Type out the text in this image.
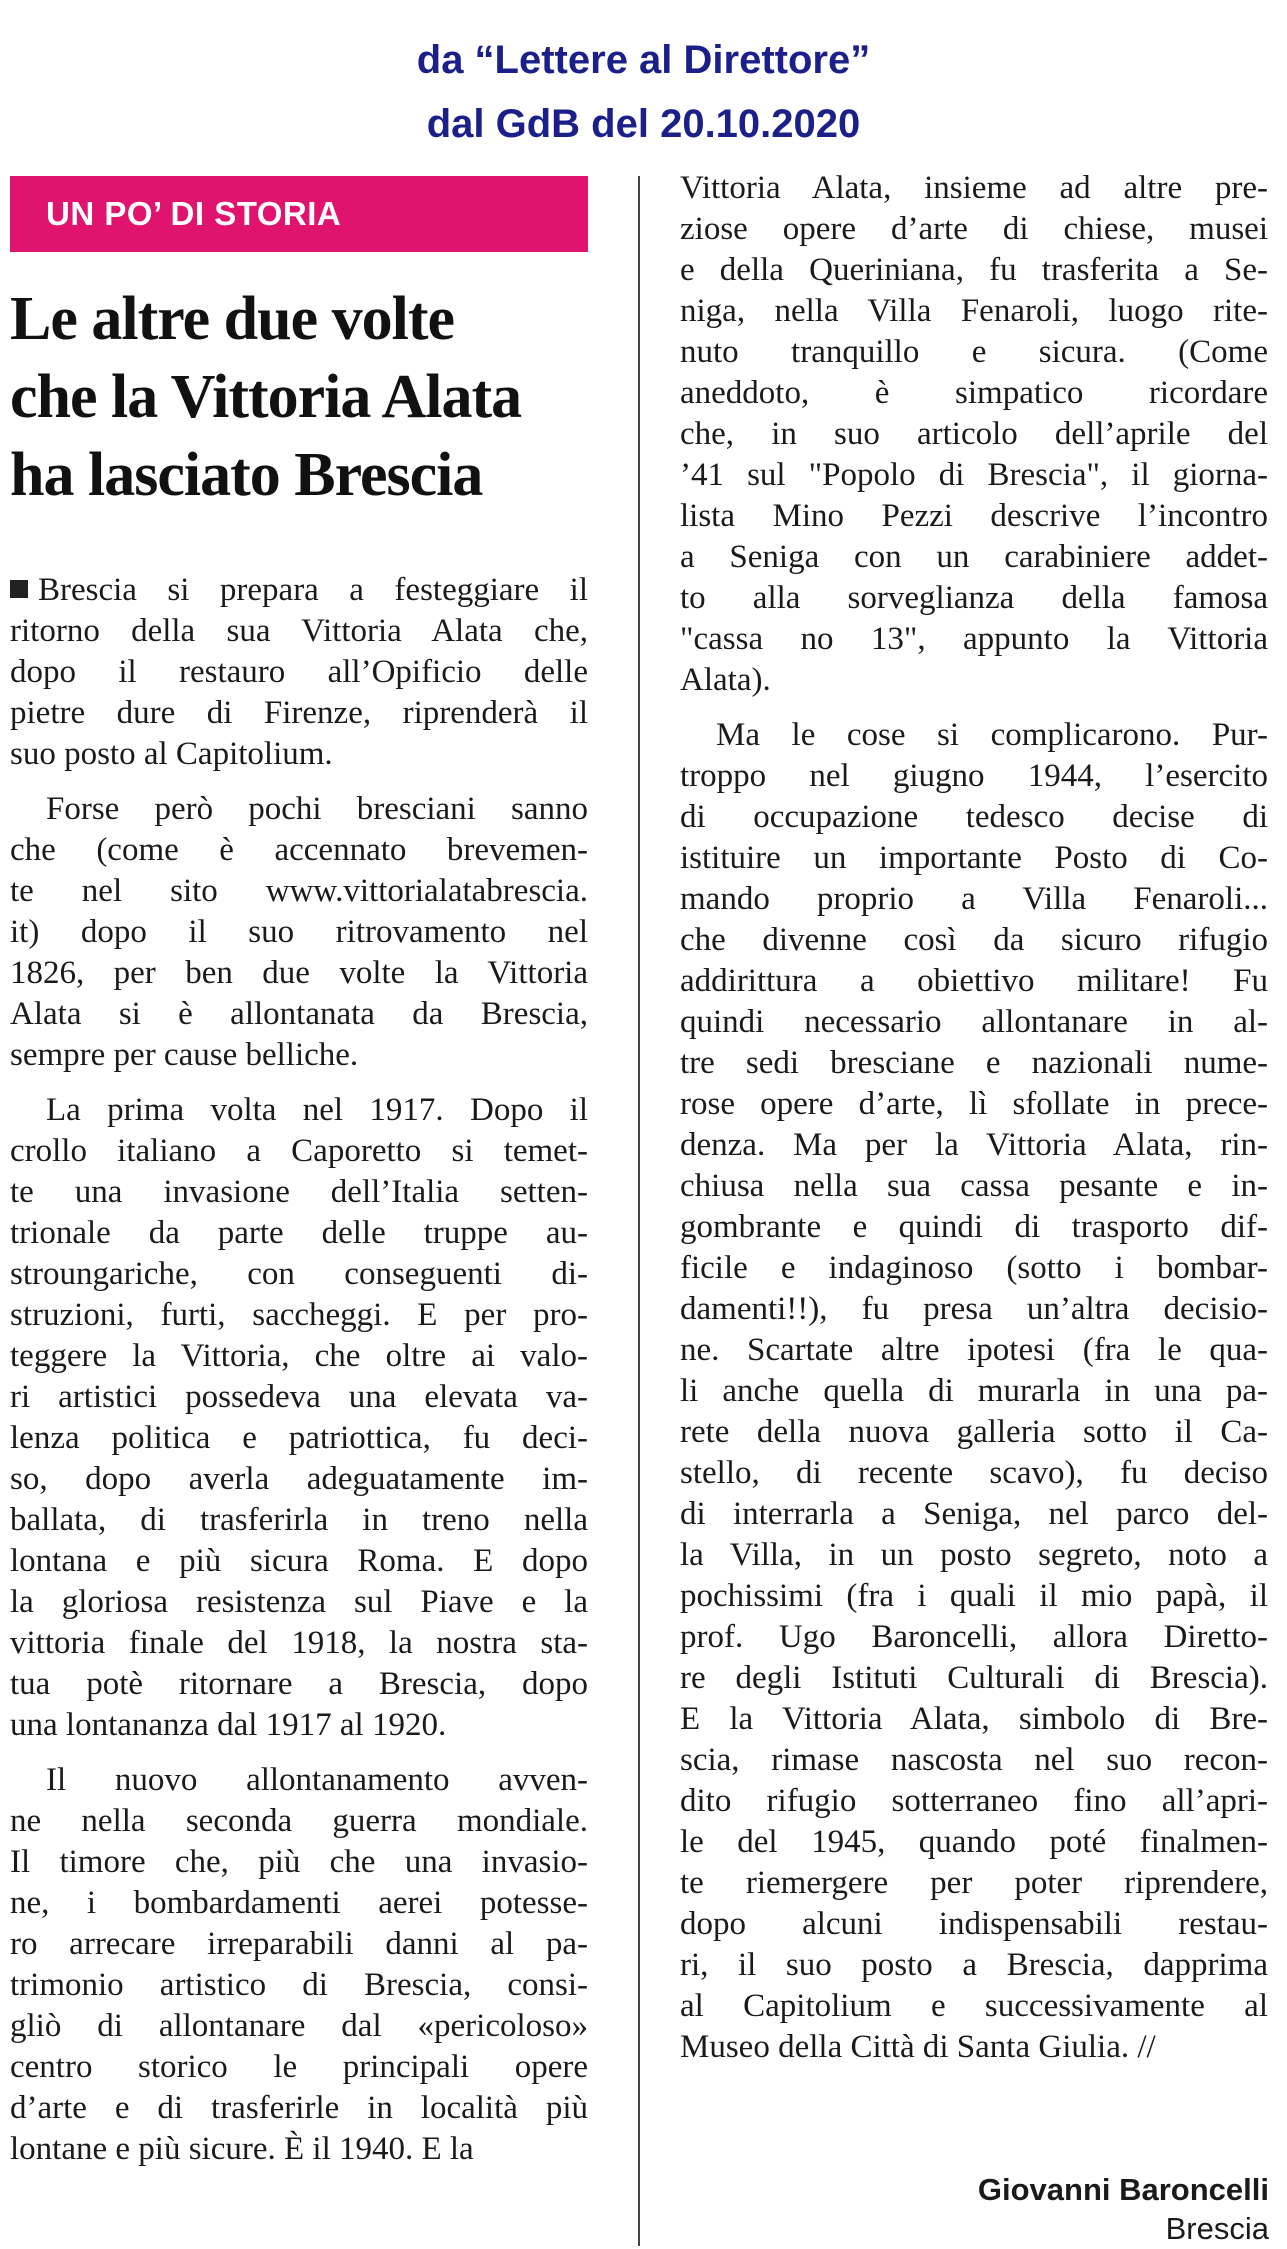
da “Lettere al Direttore”
dal GdB del 20.10.2020
UN PO’ DI STORIA
Le altre due volte
che la Vittoria Alata
ha lasciato Brescia
Brescia si prepara a festeggiare il
ritorno della sua Vittoria Alata che,
dopo il restauro all’Opificio delle
pietre dure di Firenze, riprenderà il
suo posto al Capitolium.
Forse però pochi bresciani sanno
che (come è accennato brevemen-
te nel sito www.vittorialatabrescia.
it) dopo il suo ritrovamento nel
1826, per ben due volte la Vittoria
Alata si è allontanata da Brescia,
sempre per cause belliche.
La prima volta nel 1917. Dopo il
crollo italiano a Caporetto si temet-
te una invasione dell’Italia setten-
trionale da parte delle truppe au-
stroungariche, con conseguenti di-
struzioni, furti, saccheggi. E per pro-
teggere la Vittoria, che oltre ai valo-
ri artistici possedeva una elevata va-
lenza politica e patriottica, fu deci-
so, dopo averla adeguatamente im-
ballata, di trasferirla in treno nella
lontana e più sicura Roma. E dopo
la gloriosa resistenza sul Piave e la
vittoria finale del 1918, la nostra sta-
tua potè ritornare a Brescia, dopo
una lontananza dal 1917 al 1920.
Il nuovo allontanamento avven-
ne nella seconda guerra mondiale.
Il timore che, più che una invasio-
ne, i bombardamenti aerei potesse-
ro arrecare irreparabili danni al pa-
trimonio artistico di Brescia, consi-
gliò di allontanare dal «pericoloso»
centro storico le principali opere
d’arte e di trasferirle in località più
lontane e più sicure. È il 1940. E la
Vittoria Alata, insieme ad altre pre-
ziose opere d’arte di chiese, musei
e della Queriniana, fu trasferita a Se-
niga, nella Villa Fenaroli, luogo rite-
nuto tranquillo e sicura. (Come
aneddoto, è simpatico ricordare
che, in suo articolo dell’aprile del
’41 sul "Popolo di Brescia", il giorna-
lista Mino Pezzi descrive l’incontro
a Seniga con un carabiniere addet-
to alla sorveglianza della famosa
"cassa no 13", appunto la Vittoria
Alata).
Ma le cose si complicarono. Pur-
troppo nel giugno 1944, l’esercito
di occupazione tedesco decise di
istituire un importante Posto di Co-
mando proprio a Villa Fenaroli...
che divenne così da sicuro rifugio
addirittura a obiettivo militare! Fu
quindi necessario allontanare in al-
tre sedi bresciane e nazionali nume-
rose opere d’arte, lì sfollate in prece-
denza. Ma per la Vittoria Alata, rin-
chiusa nella sua cassa pesante e in-
gombrante e quindi di trasporto dif-
ficile e indaginoso (sotto i bombar-
damenti!!), fu presa un’altra decisio-
ne. Scartate altre ipotesi (fra le qua-
li anche quella di murarla in una pa-
rete della nuova galleria sotto il Ca-
stello, di recente scavo), fu deciso
di interrarla a Seniga, nel parco del-
la Villa, in un posto segreto, noto a
pochissimi (fra i quali il mio papà, il
prof. Ugo Baroncelli, allora Diretto-
re degli Istituti Culturali di Brescia).
E la Vittoria Alata, simbolo di Bre-
scia, rimase nascosta nel suo recon-
dito rifugio sotterraneo fino all’apri-
le del 1945, quando poté finalmen-
te riemergere per poter riprendere,
dopo alcuni indispensabili restau-
ri, il suo posto a Brescia, dapprima
al Capitolium e successivamente al
Museo della Città di Santa Giulia. //
Giovanni Baroncelli
Brescia
